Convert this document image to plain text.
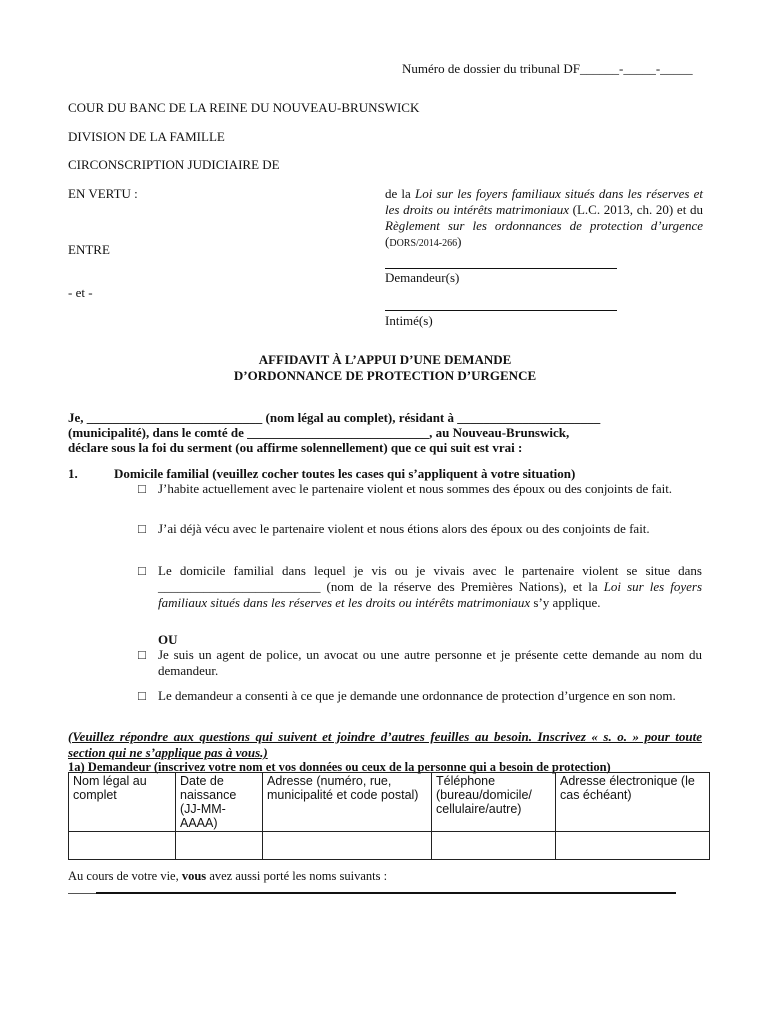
Numéro de dossier du tribunal DF______-_____-_____
COUR DU BANC DE LA REINE DU NOUVEAU-BRUNSWICK
DIVISION DE LA FAMILLE
CIRCONSCRIPTION JUDICIAIRE DE
EN VERTU :	de la Loi sur les foyers familiaux situés dans les réserves et les droits ou intérêts matrimoniaux (L.C. 2013, ch. 20) et du Règlement sur les ordonnances de protection d’urgence (DORS/2014-266)
ENTRE
Demandeur(s)
- et -
Intimé(s)
AFFIDAVIT À L’APPUI D’UNE DEMANDE
D’ORDONNANCE DE PROTECTION D’URGENCE
Je, ___________________________ (nom légal au complet), résidant à ______________________
(municipalité), dans le comté de ____________________________, au Nouveau-Brunswick,
déclare sous la foi du serment (ou affirme solennellement) que ce qui suit est vrai :
1.	Domicile familial (veuillez cocher toutes les cases qui s’appliquent à votre situation)
□ J’habite actuellement avec le partenaire violent et nous sommes des époux ou des conjoints de fait.
□ J’ai déjà vécu avec le partenaire violent et nous étions alors des époux ou des conjoints de fait.
□ Le domicile familial dans lequel je vis ou je vivais avec le partenaire violent se situe dans _________________________ (nom de la réserve des Premières Nations), et la Loi sur les foyers familiaux situés dans les réserves et les droits ou intérêts matrimoniaux s’y applique.
OU
□ Je suis un agent de police, un avocat ou une autre personne et je présente cette demande au nom du demandeur.
□ Le demandeur a consenti à ce que je demande une ordonnance de protection d’urgence en son nom.
(Veuillez répondre aux questions qui suivent et joindre d’autres feuilles au besoin. Inscrivez « s. o. » pour toute section qui ne s’applique pas à vous.)
1a) Demandeur (inscrivez votre nom et vos données ou ceux de la personne qui a besoin de protection)
Nom légal au complet	Date de naissance (JJ-MM-AAAA)	Adresse (numéro, rue, municipalité et code postal)	Téléphone (bureau/domicile/ cellulaire/autre)	Adresse électronique (le cas échéant)

Au cours de votre vie, vous avez aussi porté les noms suivants :
